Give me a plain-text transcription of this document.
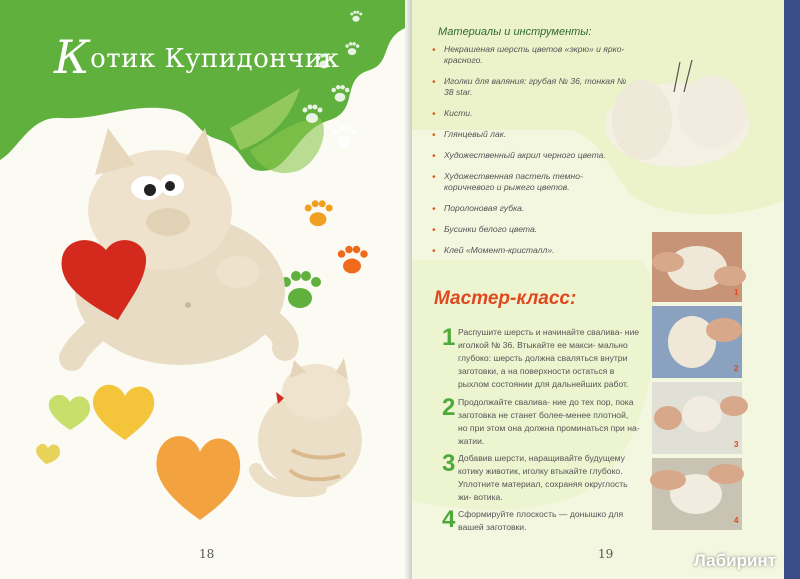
Котик Купидончик
18
Материалы и инструменты:
• Некрашеная шерсть цветов «экрю» и ярко-красного.
• Иголки для валяния: грубая № 36, тонкая № 38 star.
• Кисти.
• Глянцевый лак.
• Художественный акрил черного цвета.
• Художественная пастель темно-коричневого и рыжего цветов.
• Поролоновая губка.
• Бусинки белого цвета.
• Клей «Момент-кристалл».
Мастер-класс:
1 Распушите шерсть и начинайте свалива- ние иголкой № 36. Втыкайте ее макси- мально глубоко: шерсть должна сваляться внутри заготовки, а на поверхности остаться в рыхлом состоянии для дальнейших работ.
2 Продолжайте свалива- ние до тех пор, пока заготовка не станет более-менее плотной, но при этом она должна проминаться при на- жатии.
3 Добавив шерсти, наращивайте будущему котику животик, иголку втыкайте глубоко. Уплотните материал, сохраняя округлость жи- вотика.
4 Сформируйте плоскость — донышко для вашей заготовки.
1
2
3
4
19	Лабиринт
